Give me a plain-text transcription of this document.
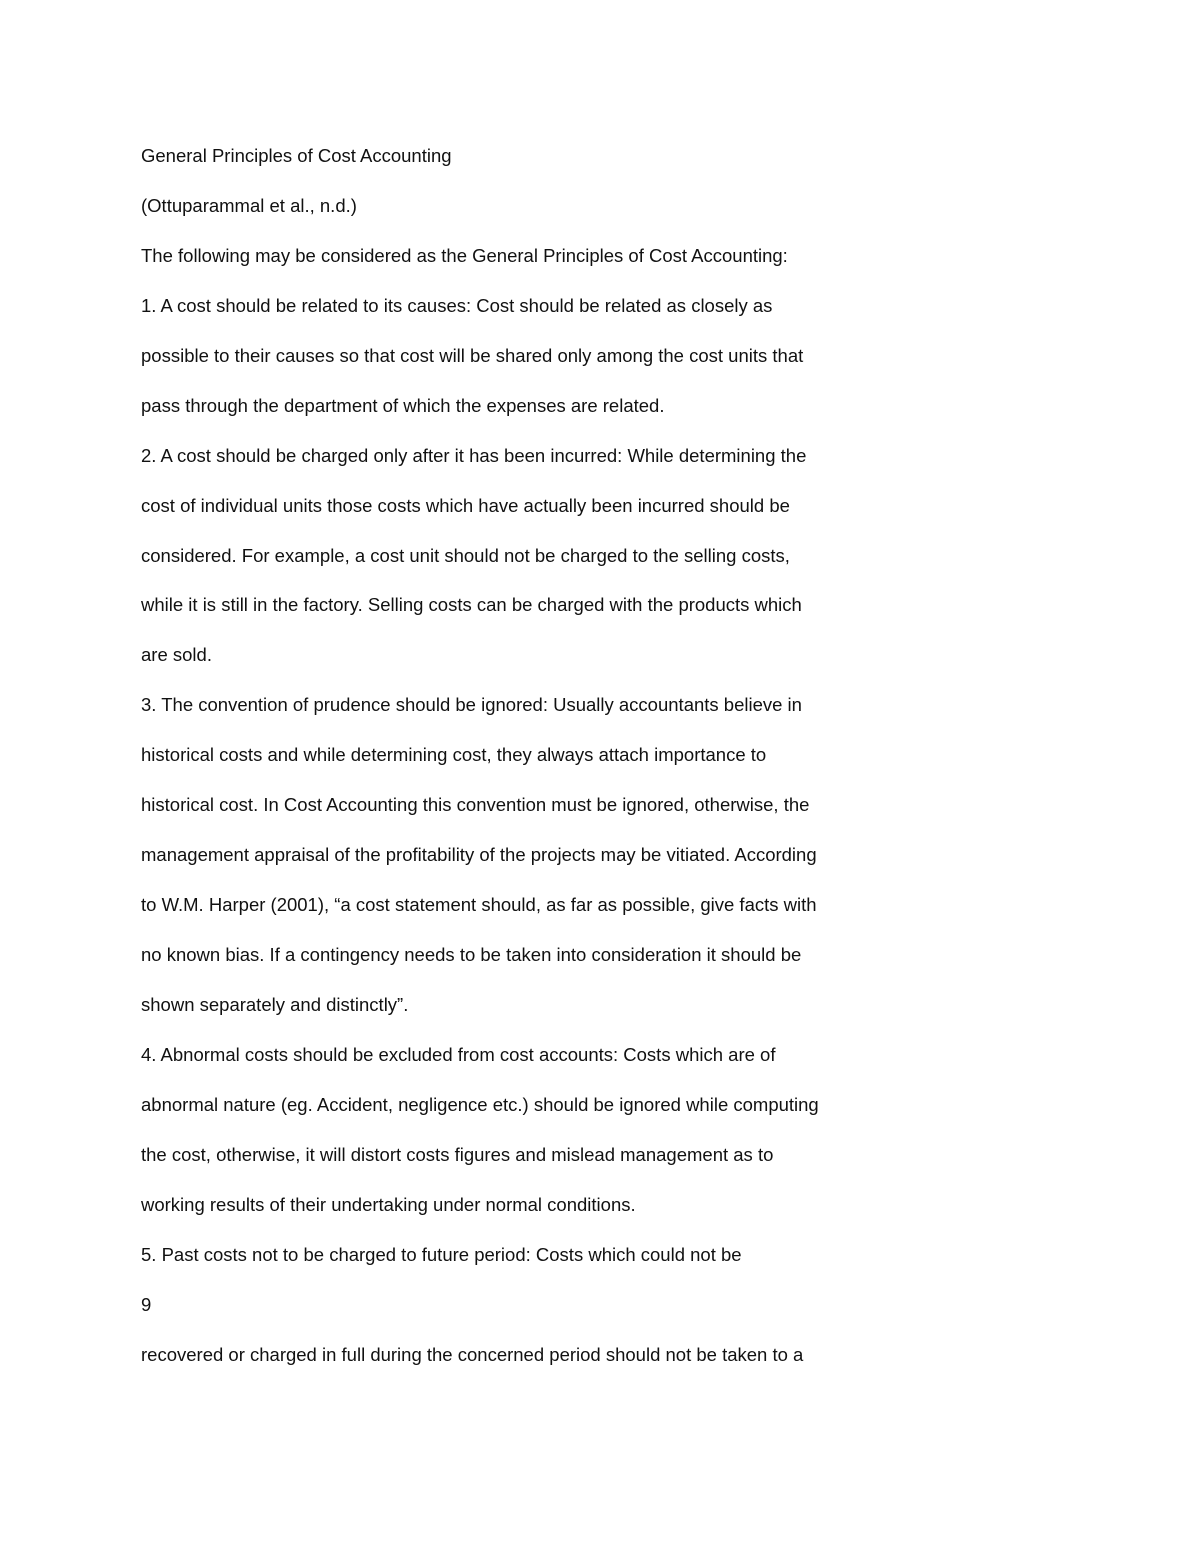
General Principles of Cost Accounting

(Ottuparammal et al., n.d.)

The following may be considered as the General Principles of Cost Accounting:

1. A cost should be related to its causes: Cost should be related as closely as

possible to their causes so that cost will be shared only among the cost units that

pass through the department of which the expenses are related.

2. A cost should be charged only after it has been incurred: While determining the

cost of individual units those costs which have actually been incurred should be

considered. For example, a cost unit should not be charged to the selling costs,

while it is still in the factory. Selling costs can be charged with the products which

are sold.

3. The convention of prudence should be ignored: Usually accountants believe in

historical costs and while determining cost, they always attach importance to

historical cost. In Cost Accounting this convention must be ignored, otherwise, the

management appraisal of the profitability of the projects may be vitiated. According

to W.M. Harper (2001), “a cost statement should, as far as possible, give facts with

no known bias. If a contingency needs to be taken into consideration it should be

shown separately and distinctly”.

4. Abnormal costs should be excluded from cost accounts: Costs which are of

abnormal nature (eg. Accident, negligence etc.) should be ignored while computing

the cost, otherwise, it will distort costs figures and mislead management as to

working results of their undertaking under normal conditions.

5. Past costs not to be charged to future period: Costs which could not be

9

recovered or charged in full during the concerned period should not be taken to a
